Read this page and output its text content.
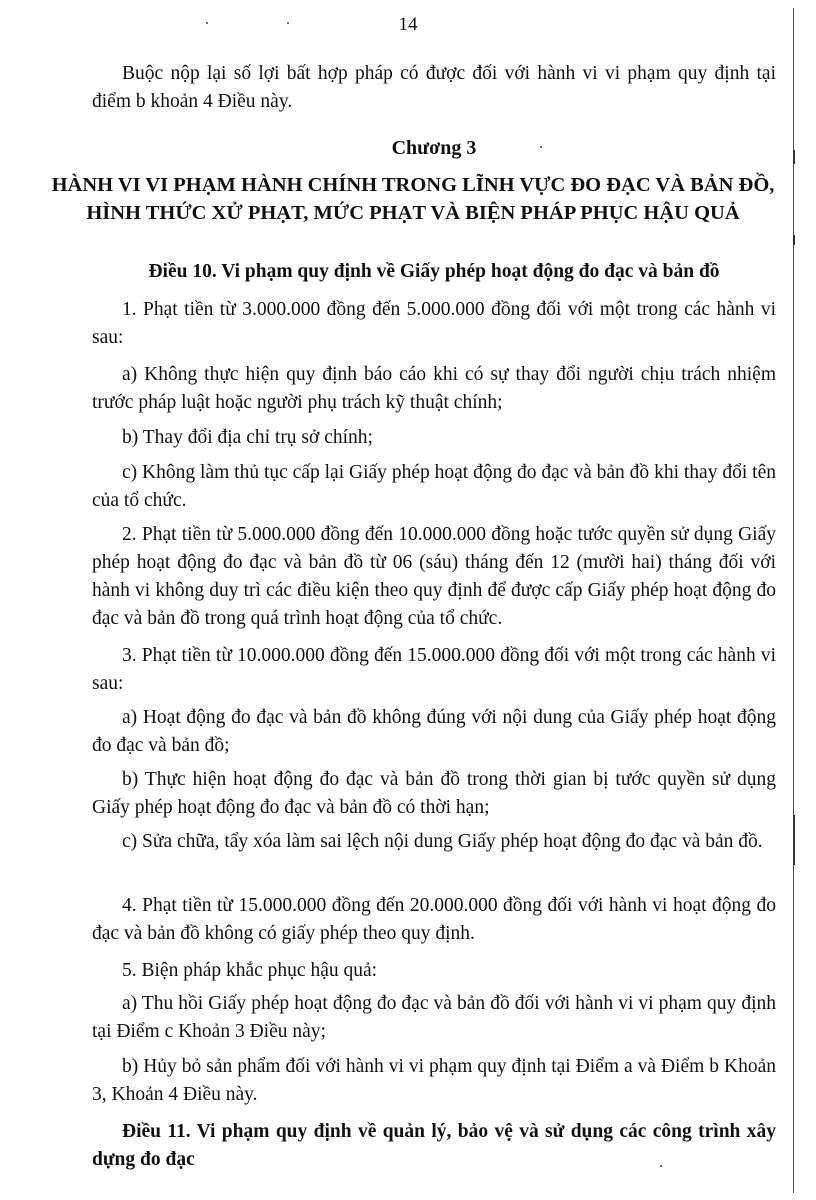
14

Buộc nộp lại số lợi bất hợp pháp có được đối với hành vi vi phạm quy định tại điểm b khoản 4 Điều này.

Chương 3

HÀNH VI VI PHẠM HÀNH CHÍNH TRONG LĨNH VỰC ĐO ĐẠC VÀ BẢN ĐỒ, HÌNH THỨC XỬ PHẠT, MỨC PHẠT VÀ BIỆN PHÁP PHỤC HẬU QUẢ

Điều 10. Vi phạm quy định về Giấy phép hoạt động đo đạc và bản đồ

1. Phạt tiền từ 3.000.000 đồng đến 5.000.000 đồng đối với một trong các hành vi sau:

a) Không thực hiện quy định báo cáo khi có sự thay đổi người chịu trách nhiệm trước pháp luật hoặc người phụ trách kỹ thuật chính;

b) Thay đổi địa chỉ trụ sở chính;

c) Không làm thủ tục cấp lại Giấy phép hoạt động đo đạc và bản đồ khi thay đổi tên của tổ chức.

2. Phạt tiền từ 5.000.000 đồng đến 10.000.000 đồng hoặc tước quyền sử dụng Giấy phép hoạt động đo đạc và bản đồ từ 06 (sáu) tháng đến 12 (mười hai) tháng đối với hành vi không duy trì các điều kiện theo quy định để được cấp Giấy phép hoạt động đo đạc và bản đồ trong quá trình hoạt động của tổ chức.

3. Phạt tiền từ 10.000.000 đồng đến 15.000.000 đồng đối với một trong các hành vi sau:

a) Hoạt động đo đạc và bản đồ không đúng với nội dung của Giấy phép hoạt động đo đạc và bản đồ;

b) Thực hiện hoạt động đo đạc và bản đồ trong thời gian bị tước quyền sử dụng Giấy phép hoạt động đo đạc và bản đồ có thời hạn;

c) Sửa chữa, tẩy xóa làm sai lệch nội dung Giấy phép hoạt động đo đạc và bản đồ.

4. Phạt tiền từ 15.000.000 đồng đến 20.000.000 đồng đối với hành vi hoạt động đo đạc và bản đồ không có giấy phép theo quy định.

5. Biện pháp khắc phục hậu quả:

a) Thu hồi Giấy phép hoạt động đo đạc và bản đồ đối với hành vi vi phạm quy định tại Điểm c Khoản 3 Điều này;

b) Hủy bỏ sản phẩm đối với hành vi vi phạm quy định tại Điểm a và Điểm b Khoản 3, Khoản 4 Điều này.

Điều 11. Vi phạm quy định về quản lý, bảo vệ và sử dụng các công trình xây dựng đo đạc
